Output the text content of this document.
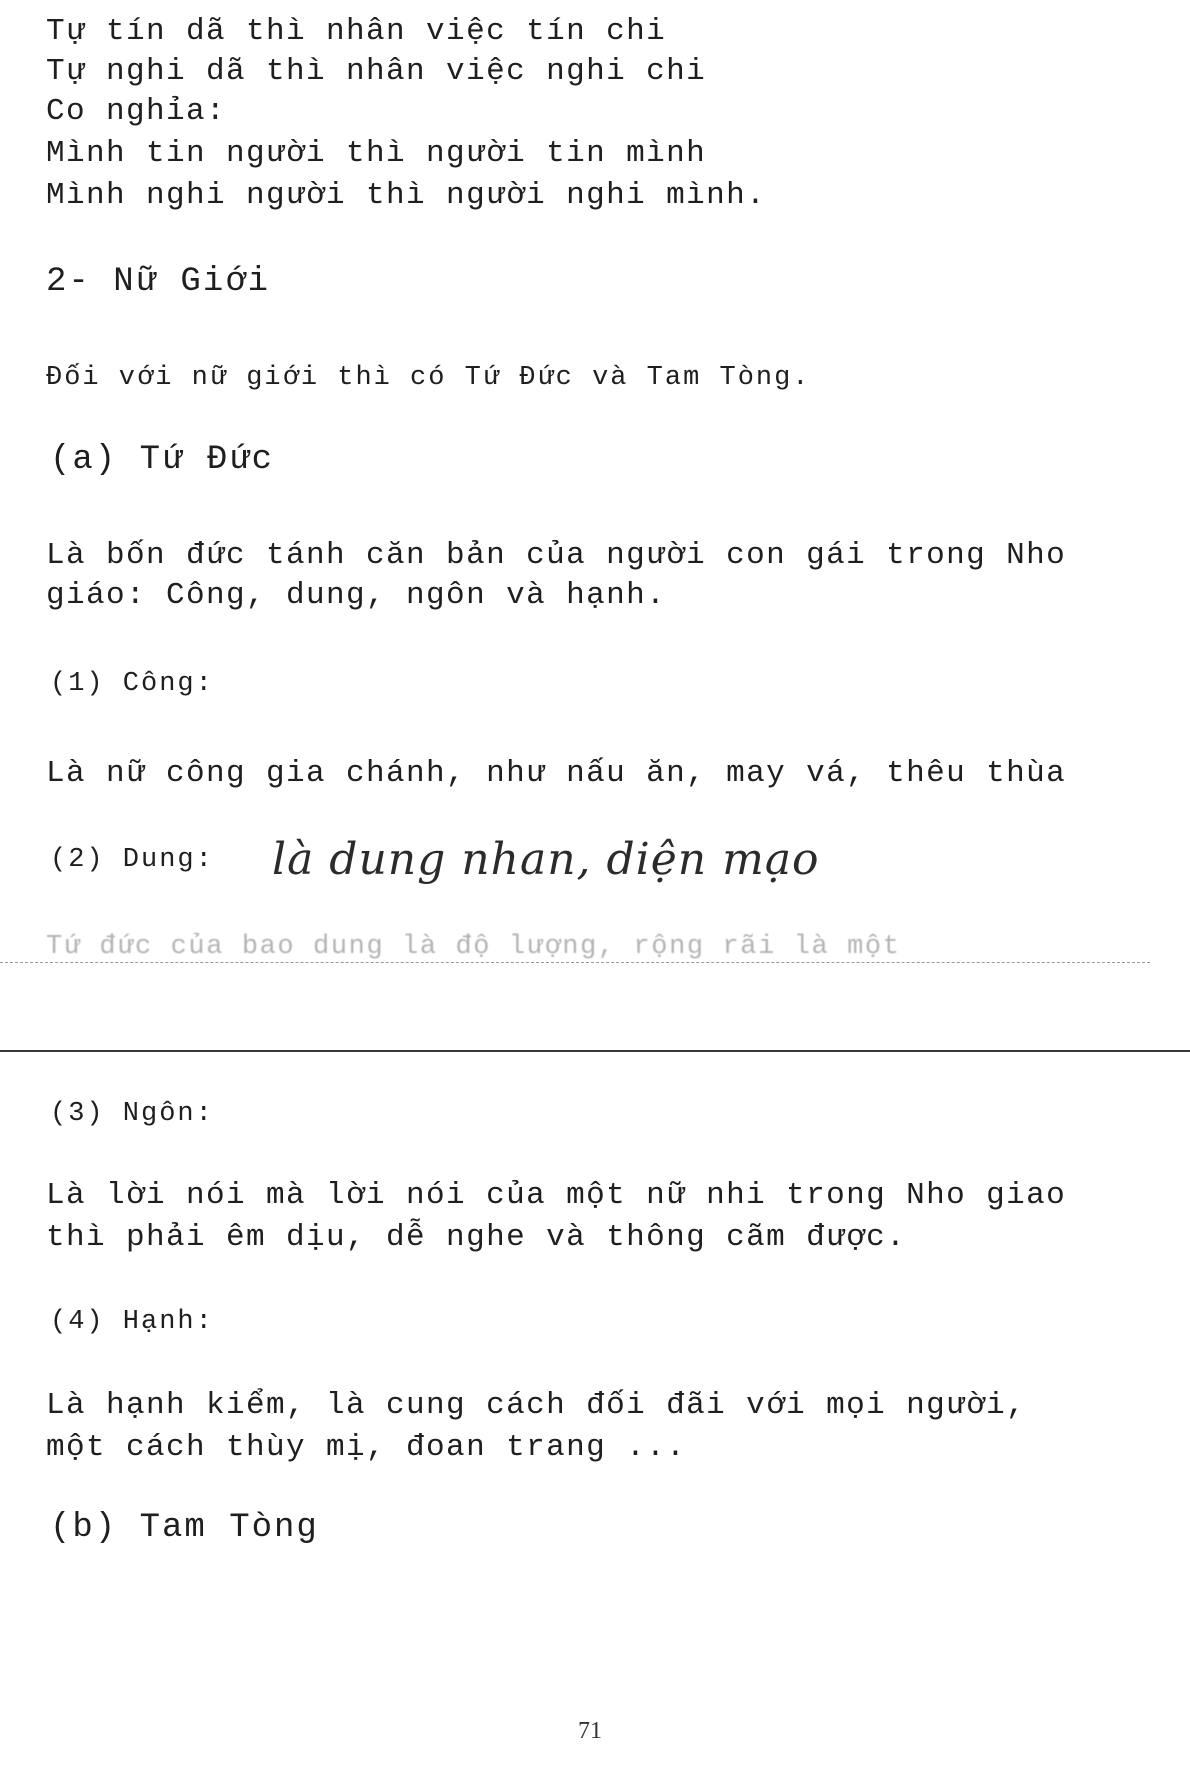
Tự tín dã thì nhân việc tín chi
Tự nghi dã thì nhân việc nghi chi
Co nghỉa:
Mình tin người thì người tin mình
Mình nghi người thì người nghi mình.
2- Nữ Giới
Đối với nữ giới thì có Tứ Đức và Tam Tòng.
(a) Tứ Đức
Là bốn đức tánh căn bản của người con gái trong Nho
giáo: Công, dung, ngôn và hạnh.
(1) Công:
Là nữ công gia chánh, như nấu ăn, may vá, thêu thùa
(2) Dung: là dung nhan, diện mạo
Tứ đức của bao dung là độ lượng, rộng rãi là một
(3) Ngôn:
Là lời nói mà lời nói của một nữ nhi trong Nho giao
thì phải êm dịu, dễ nghe và thông cãm được.
(4) Hạnh:
Là hạnh kiểm, là cung cách đối đãi với mọi người,
một cách thùy mị, đoan trang ...
(b) Tam Tòng
71
